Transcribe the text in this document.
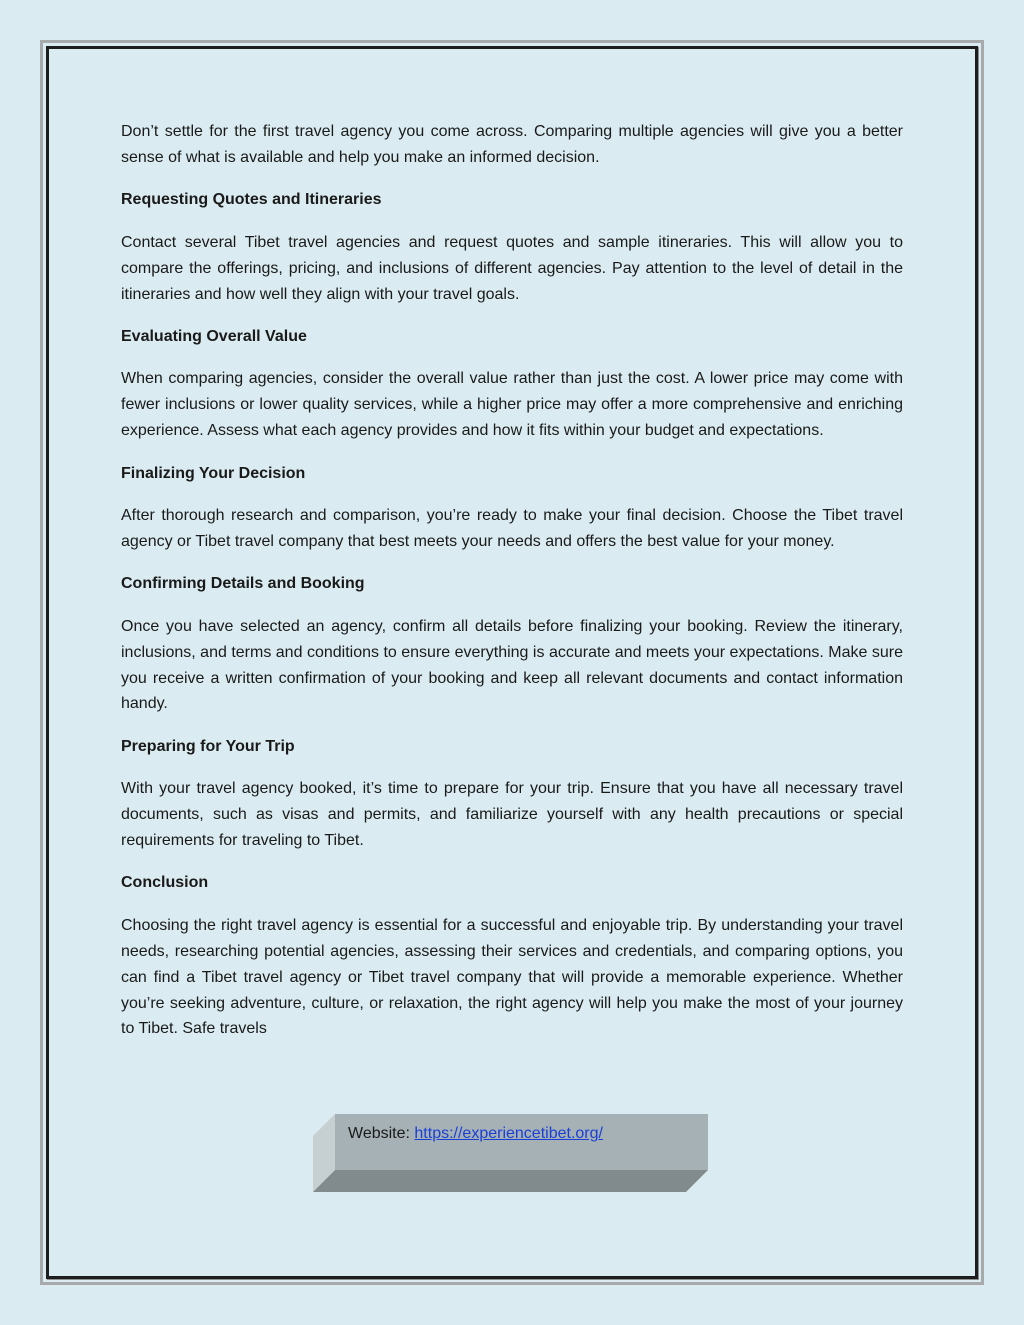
Don’t settle for the first travel agency you come across. Comparing multiple agencies will give you a better sense of what is available and help you make an informed decision.

Requesting Quotes and Itineraries

Contact several Tibet travel agencies and request quotes and sample itineraries. This will allow you to compare the offerings, pricing, and inclusions of different agencies. Pay attention to the level of detail in the itineraries and how well they align with your travel goals.

Evaluating Overall Value

When comparing agencies, consider the overall value rather than just the cost. A lower price may come with fewer inclusions or lower quality services, while a higher price may offer a more comprehensive and enriching experience. Assess what each agency provides and how it fits within your budget and expectations.

Finalizing Your Decision

After thorough research and comparison, you’re ready to make your final decision. Choose the Tibet travel agency or Tibet travel company that best meets your needs and offers the best value for your money.

Confirming Details and Booking

Once you have selected an agency, confirm all details before finalizing your booking. Review the itinerary, inclusions, and terms and conditions to ensure everything is accurate and meets your expectations. Make sure you receive a written confirmation of your booking and keep all relevant documents and contact information handy.

Preparing for Your Trip

With your travel agency booked, it’s time to prepare for your trip. Ensure that you have all necessary travel documents, such as visas and permits, and familiarize yourself with any health precautions or special requirements for traveling to Tibet.

Conclusion

Choosing the right travel agency is essential for a successful and enjoyable trip. By understanding your travel needs, researching potential agencies, assessing their services and credentials, and comparing options, you can find a Tibet travel agency or Tibet travel company that will provide a memorable experience. Whether you’re seeking adventure, culture, or relaxation, the right agency will help you make the most of your journey to Tibet. Safe travels

Website: https://experiencetibet.org/
